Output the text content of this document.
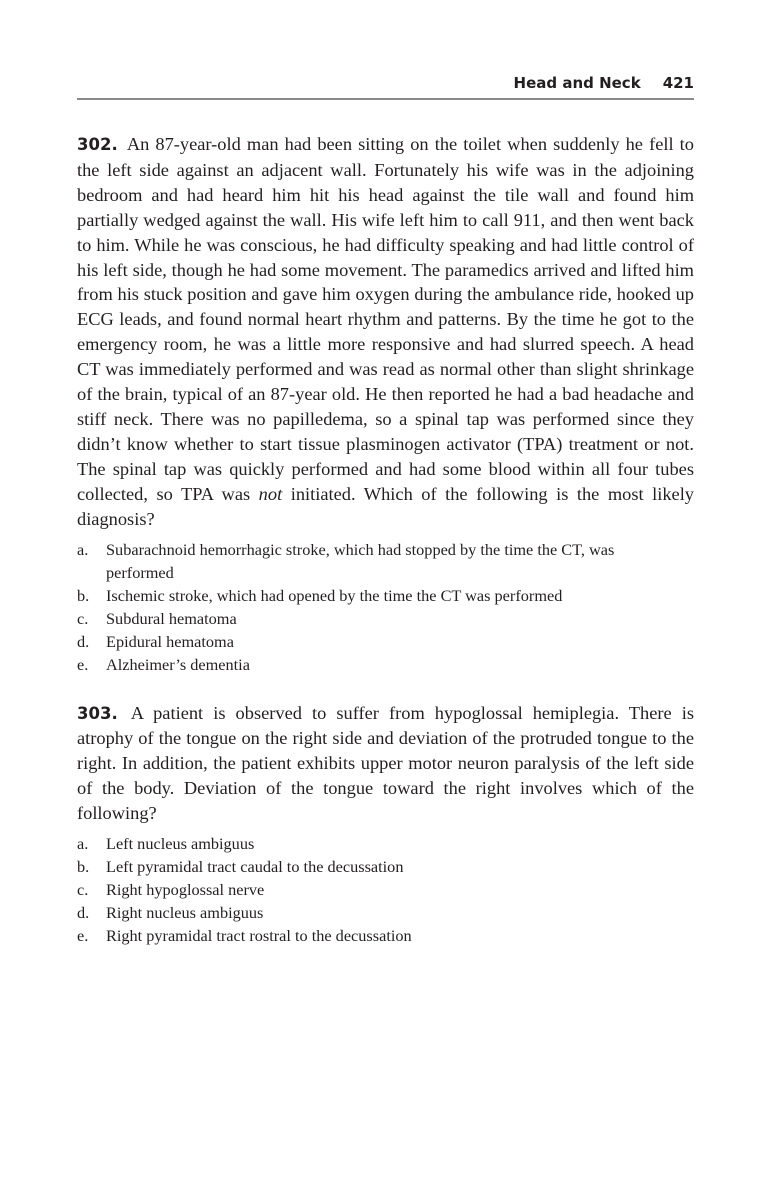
Head and Neck 421

302. An 87-year-old man had been sitting on the toilet when suddenly he fell to the left side against an adjacent wall. Fortunately his wife was in the adjoining bedroom and had heard him hit his head against the tile wall and found him partially wedged against the wall. His wife left him to call 911, and then went back to him. While he was conscious, he had difficulty speaking and had little control of his left side, though he had some movement. The paramedics arrived and lifted him from his stuck position and gave him oxygen during the ambulance ride, hooked up ECG leads, and found normal heart rhythm and patterns. By the time he got to the emergency room, he was a little more responsive and had slurred speech. A head CT was immediately performed and was read as normal other than slight shrinkage of the brain, typical of an 87-year old. He then reported he had a bad headache and stiff neck. There was no papilledema, so a spinal tap was performed since they didn’t know whether to start tissue plasminogen activator (TPA) treatment or not. The spinal tap was quickly performed and had some blood within all four tubes collected, so TPA was not initiated. Which of the following is the most likely diagnosis?

a.	Subarachnoid hemorrhagic stroke, which had stopped by the time the CT, was performed
b.	Ischemic stroke, which had opened by the time the CT was performed
c.	Subdural hematoma
d.	Epidural hematoma
e.	Alzheimer’s dementia

303. A patient is observed to suffer from hypoglossal hemiplegia. There is atrophy of the tongue on the right side and deviation of the protruded tongue to the right. In addition, the patient exhibits upper motor neuron paralysis of the left side of the body. Deviation of the tongue toward the right involves which of the following?

a.	Left nucleus ambiguus
b.	Left pyramidal tract caudal to the decussation
c.	Right hypoglossal nerve
d.	Right nucleus ambiguus
e.	Right pyramidal tract rostral to the decussation
